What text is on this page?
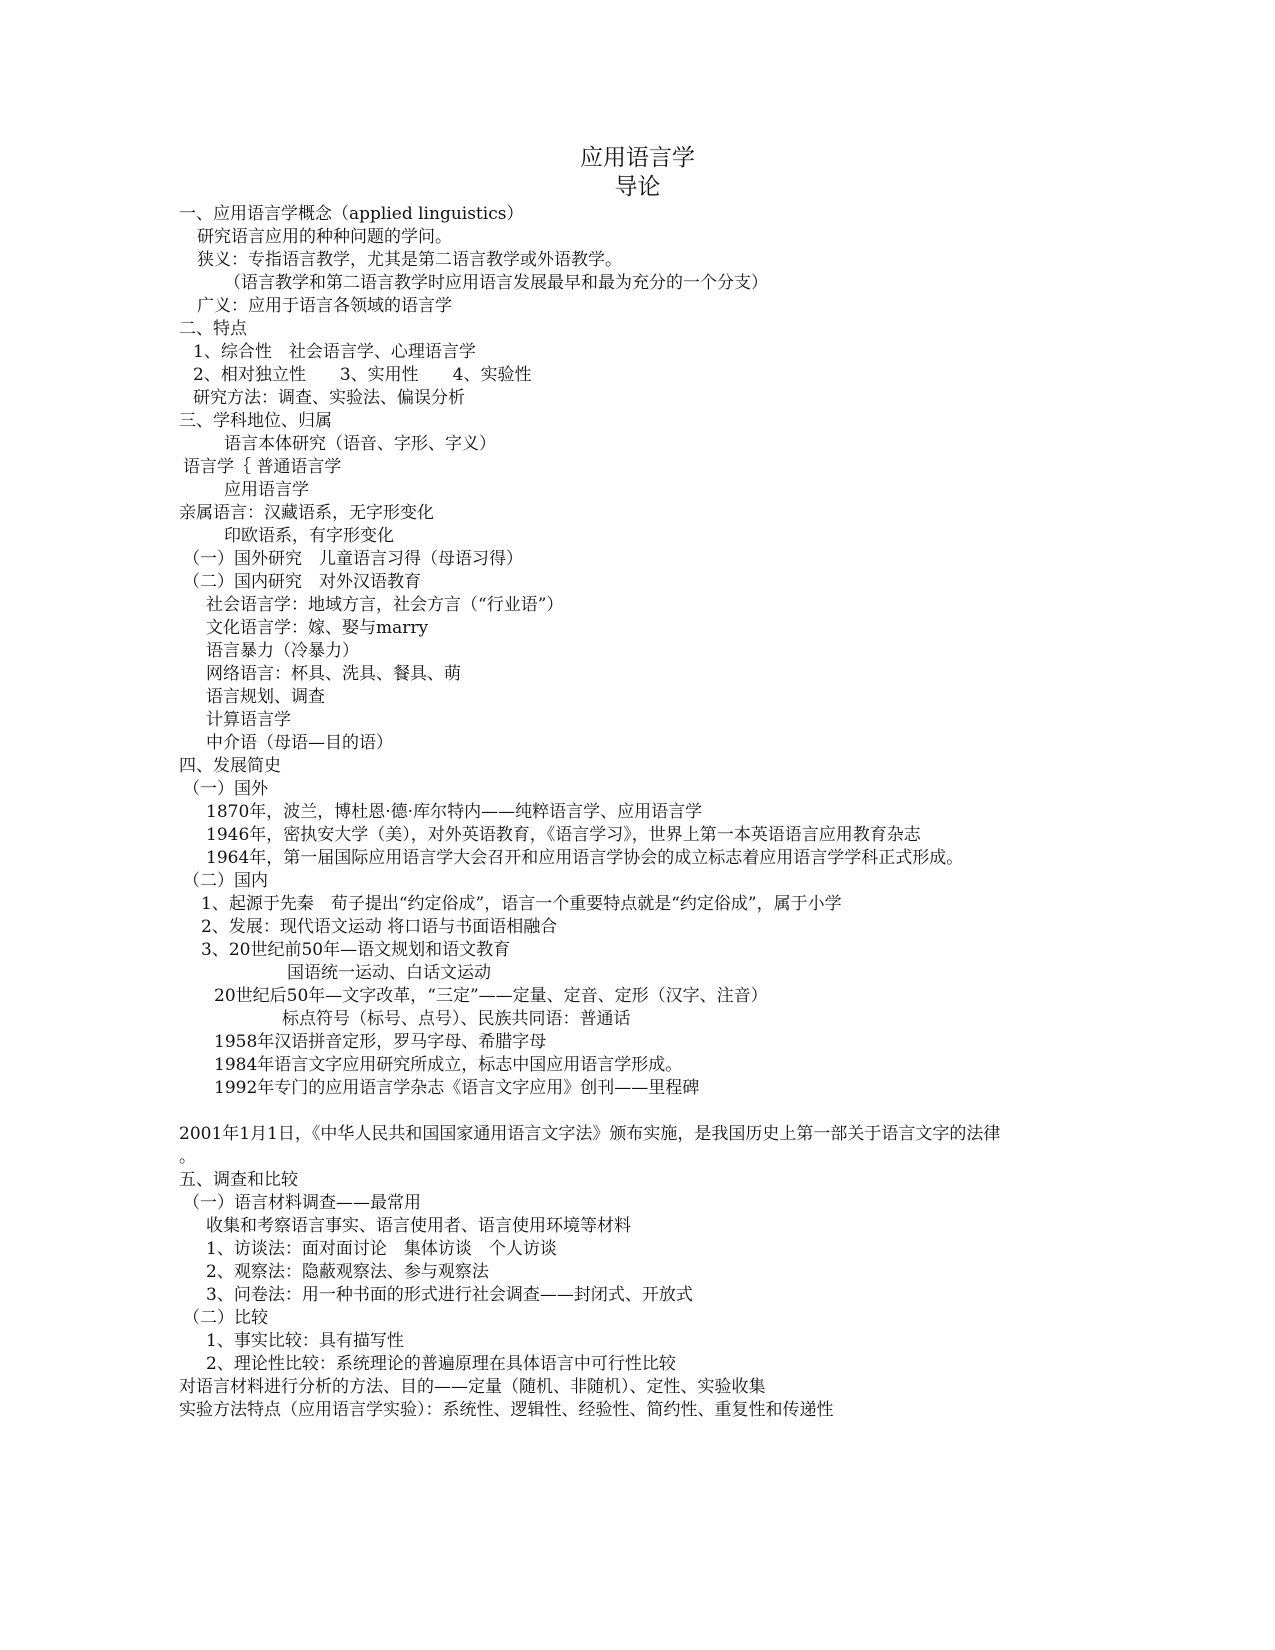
应用语言学
导论
一、应用语言学概念（applied linguistics）
研究语言应用的种种问题的学问。
狭义：专指语言教学，尤其是第二语言教学或外语教学。
（语言教学和第二语言教学时应用语言发展最早和最为充分的一个分支）
广义：应用于语言各领域的语言学
二、特点
1、综合性　社会语言学、心理语言学
2、相对独立性　　3、实用性　　4、实验性
研究方法：调查、实验法、偏误分析
三、学科地位、归属
语言本体研究（语音、字形、字义）
语言学｛ 普通语言学
应用语言学
亲属语言：汉藏语系，无字形变化
印欧语系，有字形变化
（一）国外研究　儿童语言习得（母语习得）
（二）国内研究　对外汉语教育
社会语言学：地域方言，社会方言（“行业语”）
文化语言学：嫁、娶与marry
语言暴力（冷暴力）
网络语言：杯具、洗具、餐具、萌
语言规划、调查
计算语言学
中介语（母语—目的语）
四、发展简史
（一）国外
1870年，波兰，博杜恩·德·库尔特内——纯粹语言学、应用语言学
1946年，密执安大学（美），对外英语教育，《语言学习》，世界上第一本英语语言应用教育杂志
1964年，第一届国际应用语言学大会召开和应用语言学协会的成立标志着应用语言学学科正式形成。
（二）国内
1、起源于先秦　荀子提出“约定俗成”，语言一个重要特点就是“约定俗成”，属于小学
2、发展：现代语文运动 将口语与书面语相融合
3、20世纪前50年—语文规划和语文教育
国语统一运动、白话文运动
20世纪后50年—文字改革，“三定”——定量、定音、定形（汉字、注音）
标点符号（标号、点号）、民族共同语：普通话
1958年汉语拼音定形，罗马字母、希腊字母
1984年语言文字应用研究所成立，标志中国应用语言学形成。
1992年专门的应用语言学杂志《语言文字应用》创刊——里程碑
2001年1月1日，《中华人民共和国国家通用语言文字法》颁布实施，是我国历史上第一部关于语言文字的法律
。
五、调查和比较
（一）语言材料调查——最常用
收集和考察语言事实、语言使用者、语言使用环境等材料
1、访谈法：面对面讨论　集体访谈　个人访谈
2、观察法：隐蔽观察法、参与观察法
3、问卷法：用一种书面的形式进行社会调查——封闭式、开放式
（二）比较
1、事实比较：具有描写性
2、理论性比较：系统理论的普遍原理在具体语言中可行性比较
对语言材料进行分析的方法、目的——定量（随机、非随机）、定性、实验收集
实验方法特点（应用语言学实验）：系统性、逻辑性、经验性、简约性、重复性和传递性
